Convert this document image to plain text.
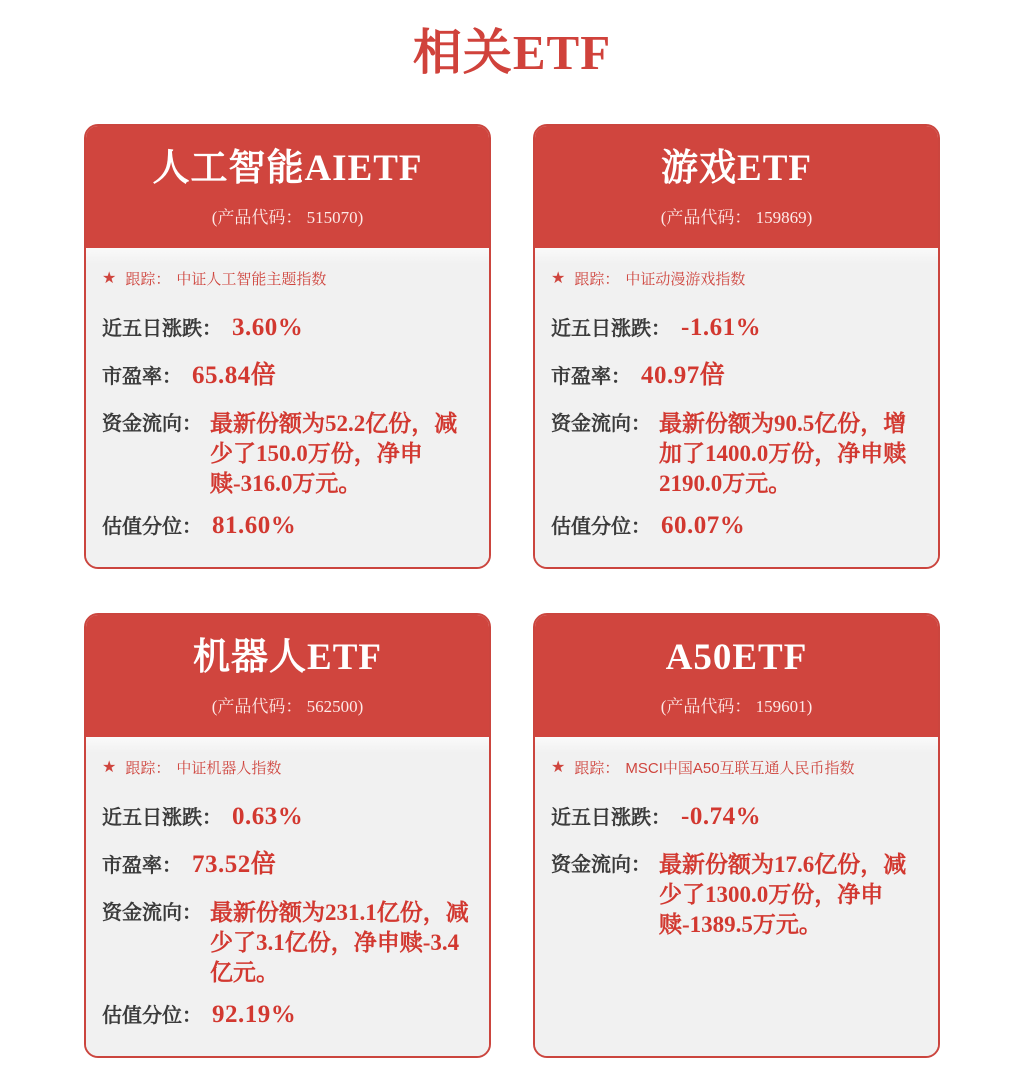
相关ETF
人工智能AIETF
(产品代码： 515070)
★ 跟踪： 中证人工智能主题指数
近五日涨跌： 3.60%
市盈率： 65.84倍
资金流向： 最新份额为52.2亿份，减少了150.0万份，净申赎-316.0万元。
估值分位： 81.60%
游戏ETF
(产品代码： 159869)
★ 跟踪： 中证动漫游戏指数
近五日涨跌： -1.61%
市盈率： 40.97倍
资金流向： 最新份额为90.5亿份，增加了1400.0万份，净申赎2190.0万元。
估值分位： 60.07%
机器人ETF
(产品代码： 562500)
★ 跟踪： 中证机器人指数
近五日涨跌： 0.63%
市盈率： 73.52倍
资金流向： 最新份额为231.1亿份，减少了3.1亿份，净申赎-3.4亿元。
估值分位： 92.19%
A50ETF
(产品代码： 159601)
★ 跟踪： MSCI中国A50互联互通人民币指数
近五日涨跌： -0.74%
资金流向： 最新份额为17.6亿份，减少了1300.0万份，净申赎-1389.5万元。
